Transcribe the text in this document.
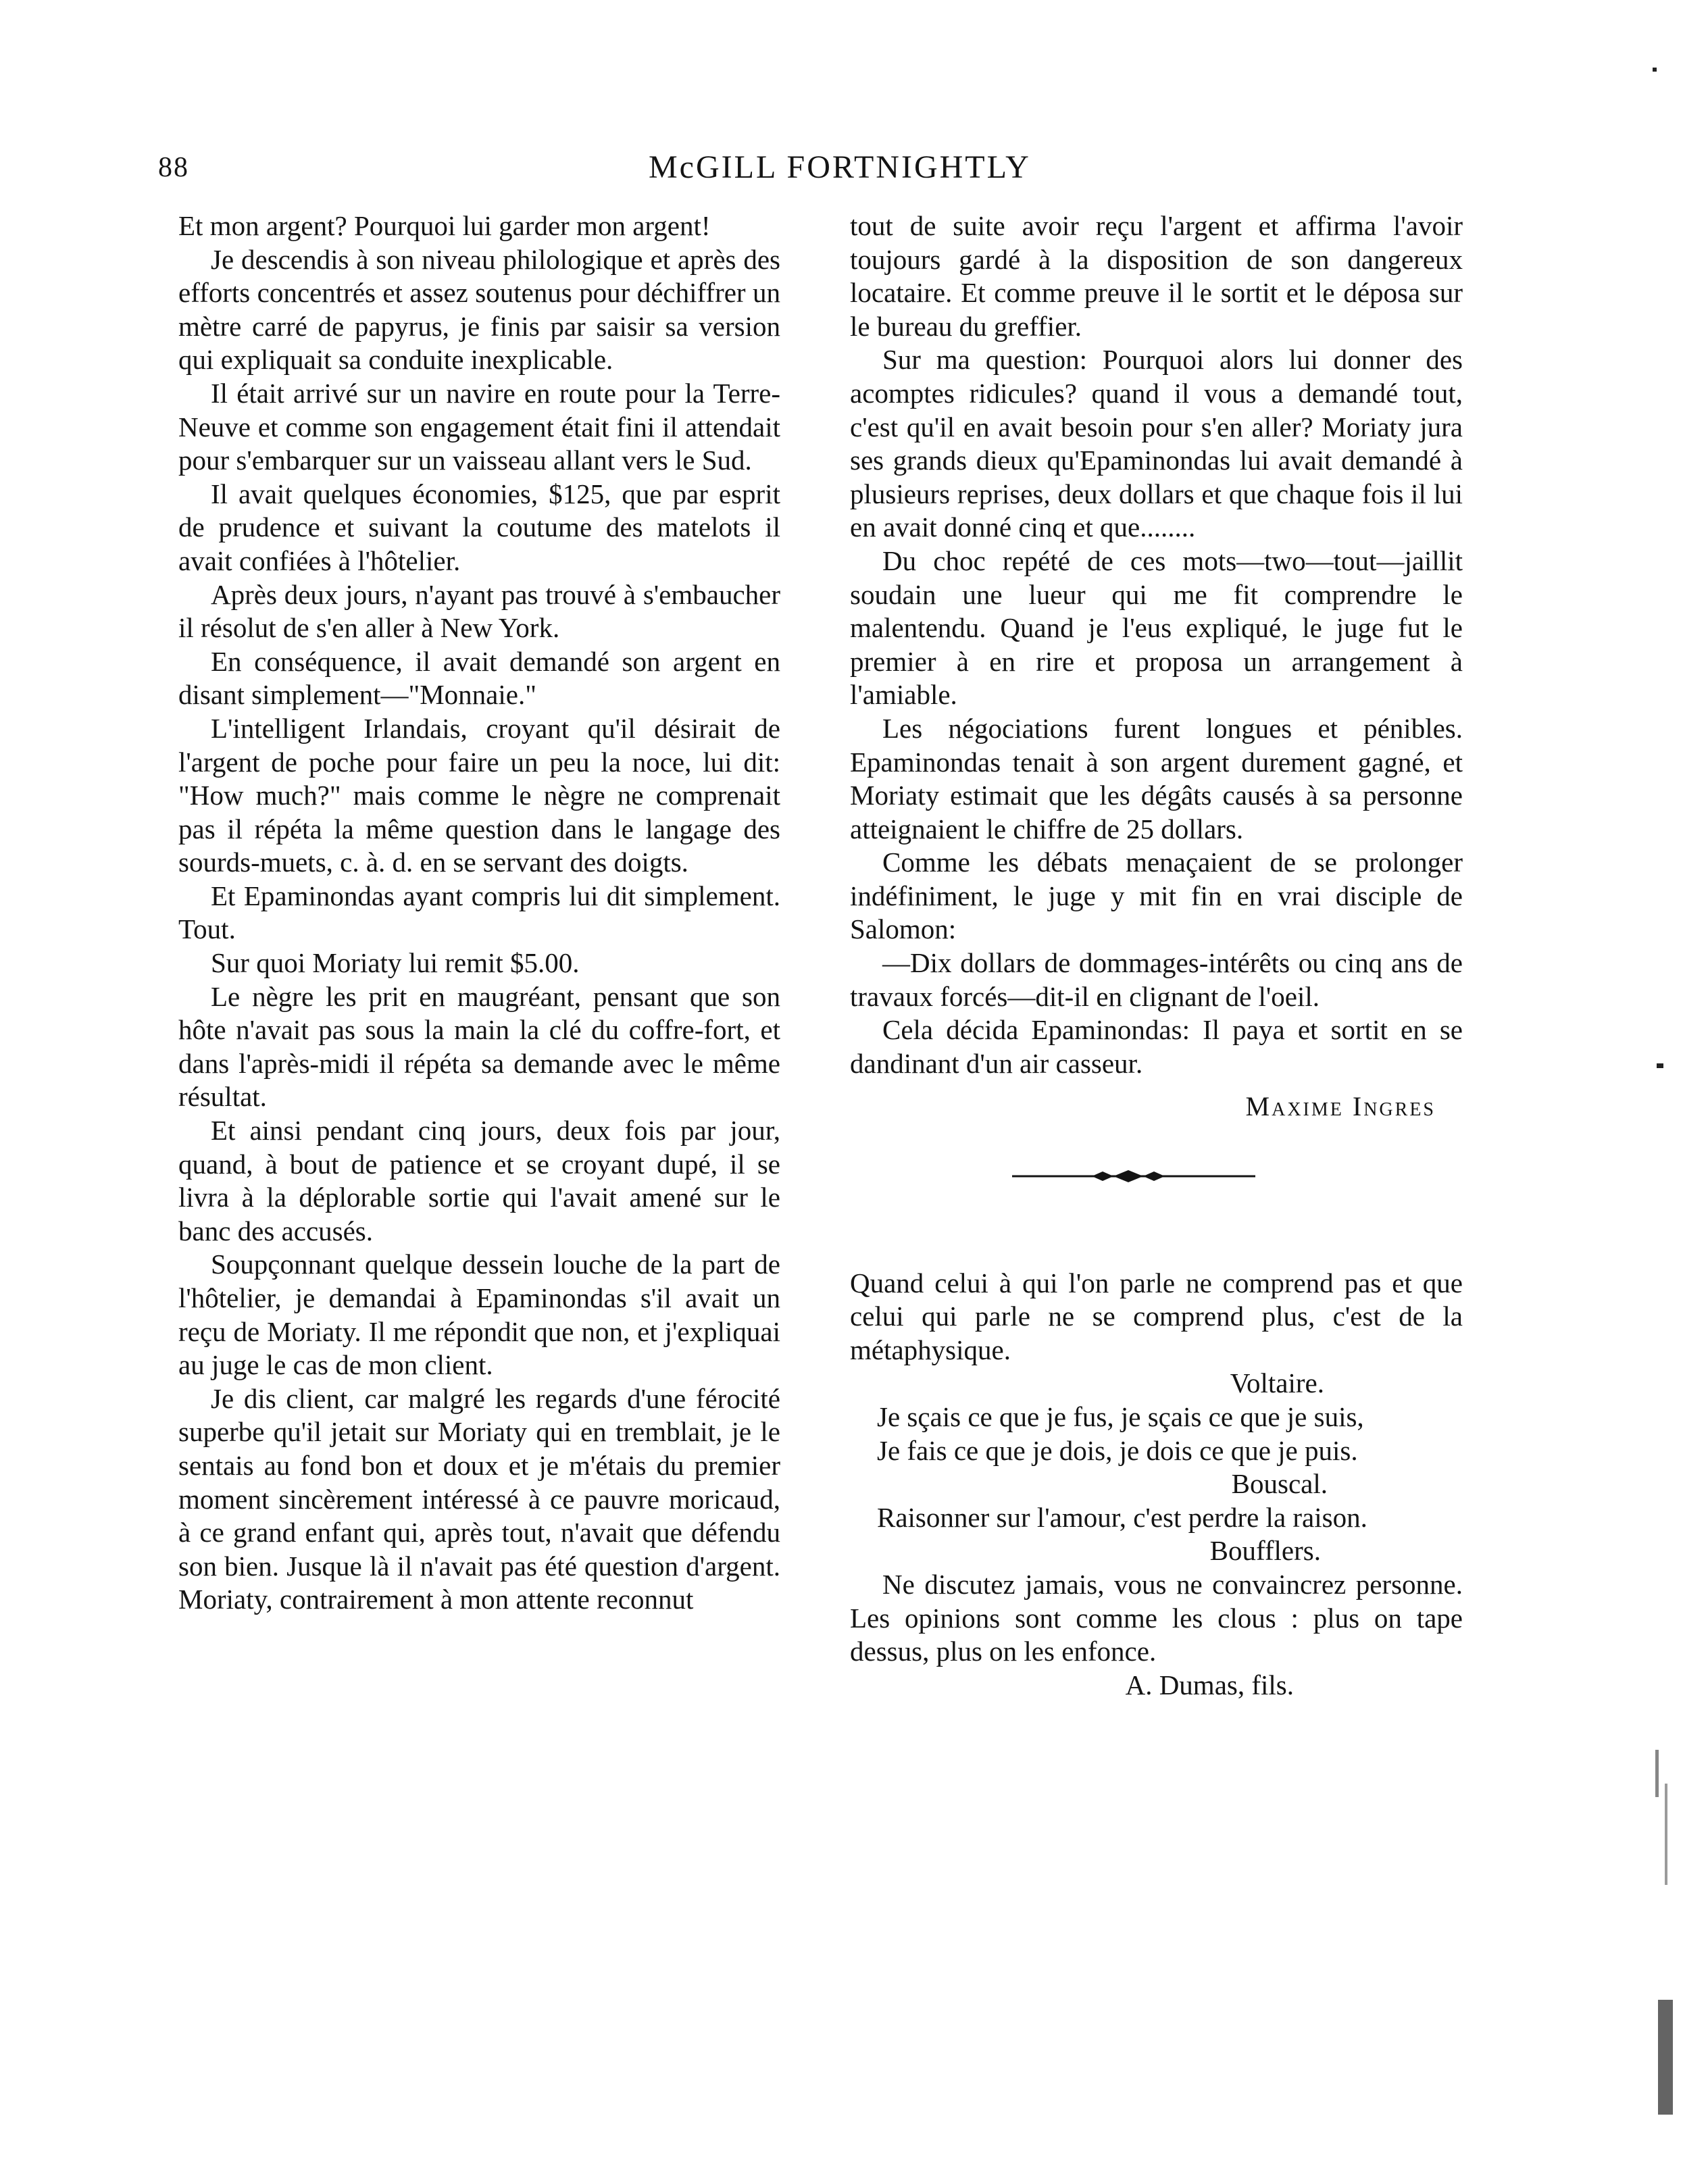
88	McGILL FORTNIGHTLY

Et mon argent? Pourquoi lui garder mon argent!

Je descendis à son niveau philologique et après des efforts concentrés et assez soutenus pour déchiffrer un mètre carré de papyrus, je finis par saisir sa version qui expliquait sa conduite inexplicable.

Il était arrivé sur un navire en route pour la Terre-Neuve et comme son engagement était fini il attendait pour s'embarquer sur un vaisseau allant vers le Sud.

Il avait quelques économies, $125, que par esprit de prudence et suivant la coutume des matelots il avait confiées à l'hôtelier.

Après deux jours, n'ayant pas trouvé à s'embaucher il résolut de s'en aller à New York.

En conséquence, il avait demandé son argent en disant simplement—"Monnaie."

L'intelligent Irlandais, croyant qu'il désirait de l'argent de poche pour faire un peu la noce, lui dit: "How much?" mais comme le nègre ne comprenait pas il répéta la même question dans le langage des sourds-muets, c. à. d. en se servant des doigts.

Et Epaminondas ayant compris lui dit simplement. Tout.

Sur quoi Moriaty lui remit $5.00.

Le nègre les prit en maugréant, pensant que son hôte n'avait pas sous la main la clé du coffre-fort, et dans l'après-midi il répéta sa demande avec le même résultat.

Et ainsi pendant cinq jours, deux fois par jour, quand, à bout de patience et se croyant dupé, il se livra à la déplorable sortie qui l'avait amené sur le banc des accusés.

Soupçonnant quelque dessein louche de la part de l'hôtelier, je demandai à Epaminondas s'il avait un reçu de Moriaty. Il me répondit que non, et j'expliquai au juge le cas de mon client.

Je dis client, car malgré les regards d'une férocité superbe qu'il jetait sur Moriaty qui en tremblait, je le sentais au fond bon et doux et je m'étais du premier moment sincèrement intéressé à ce pauvre moricaud, à ce grand enfant qui, après tout, n'avait que défendu son bien. Jusque là il n'avait pas été question d'argent. Moriaty, contrairement à mon attente reconnut

tout de suite avoir reçu l'argent et affirma l'avoir toujours gardé à la disposition de son dangereux locataire. Et comme preuve il le sortit et le déposa sur le bureau du greffier.

Sur ma question: Pourquoi alors lui donner des acomptes ridicules? quand il vous a demandé tout, c'est qu'il en avait besoin pour s'en aller? Moriaty jura ses grands dieux qu'Epaminondas lui avait demandé à plusieurs reprises, deux dollars et que chaque fois il lui en avait donné cinq et que........

Du choc repété de ces mots—two—tout—jaillit soudain une lueur qui me fit comprendre le malentendu. Quand je l'eus expliqué, le juge fut le premier à en rire et proposa un arrangement à l'amiable.

Les négociations furent longues et pénibles. Epaminondas tenait à son argent durement gagné, et Moriaty estimait que les dégâts causés à sa personne atteignaient le chiffre de 25 dollars.

Comme les débats menaçaient de se prolonger indéfiniment, le juge y mit fin en vrai disciple de Salomon:

—Dix dollars de dommages-intérêts ou cinq ans de travaux forcés—dit-il en clignant de l'oeil.

Cela décida Epaminondas: Il paya et sortit en se dandinant d'un air casseur.

Maxime Ingres

Quand celui à qui l'on parle ne comprend pas et que celui qui parle ne se comprend plus, c'est de la métaphysique.

Voltaire.

Je sçais ce que je fus, je sçais ce que je suis,

Je fais ce que je dois, je dois ce que je puis.

Bouscal.

Raisonner sur l'amour, c'est perdre la raison.

Boufflers.

Ne discutez jamais, vous ne convaincrez personne. Les opinions sont comme les clous : plus on tape dessus, plus on les enfonce.

A. Dumas, fils.
